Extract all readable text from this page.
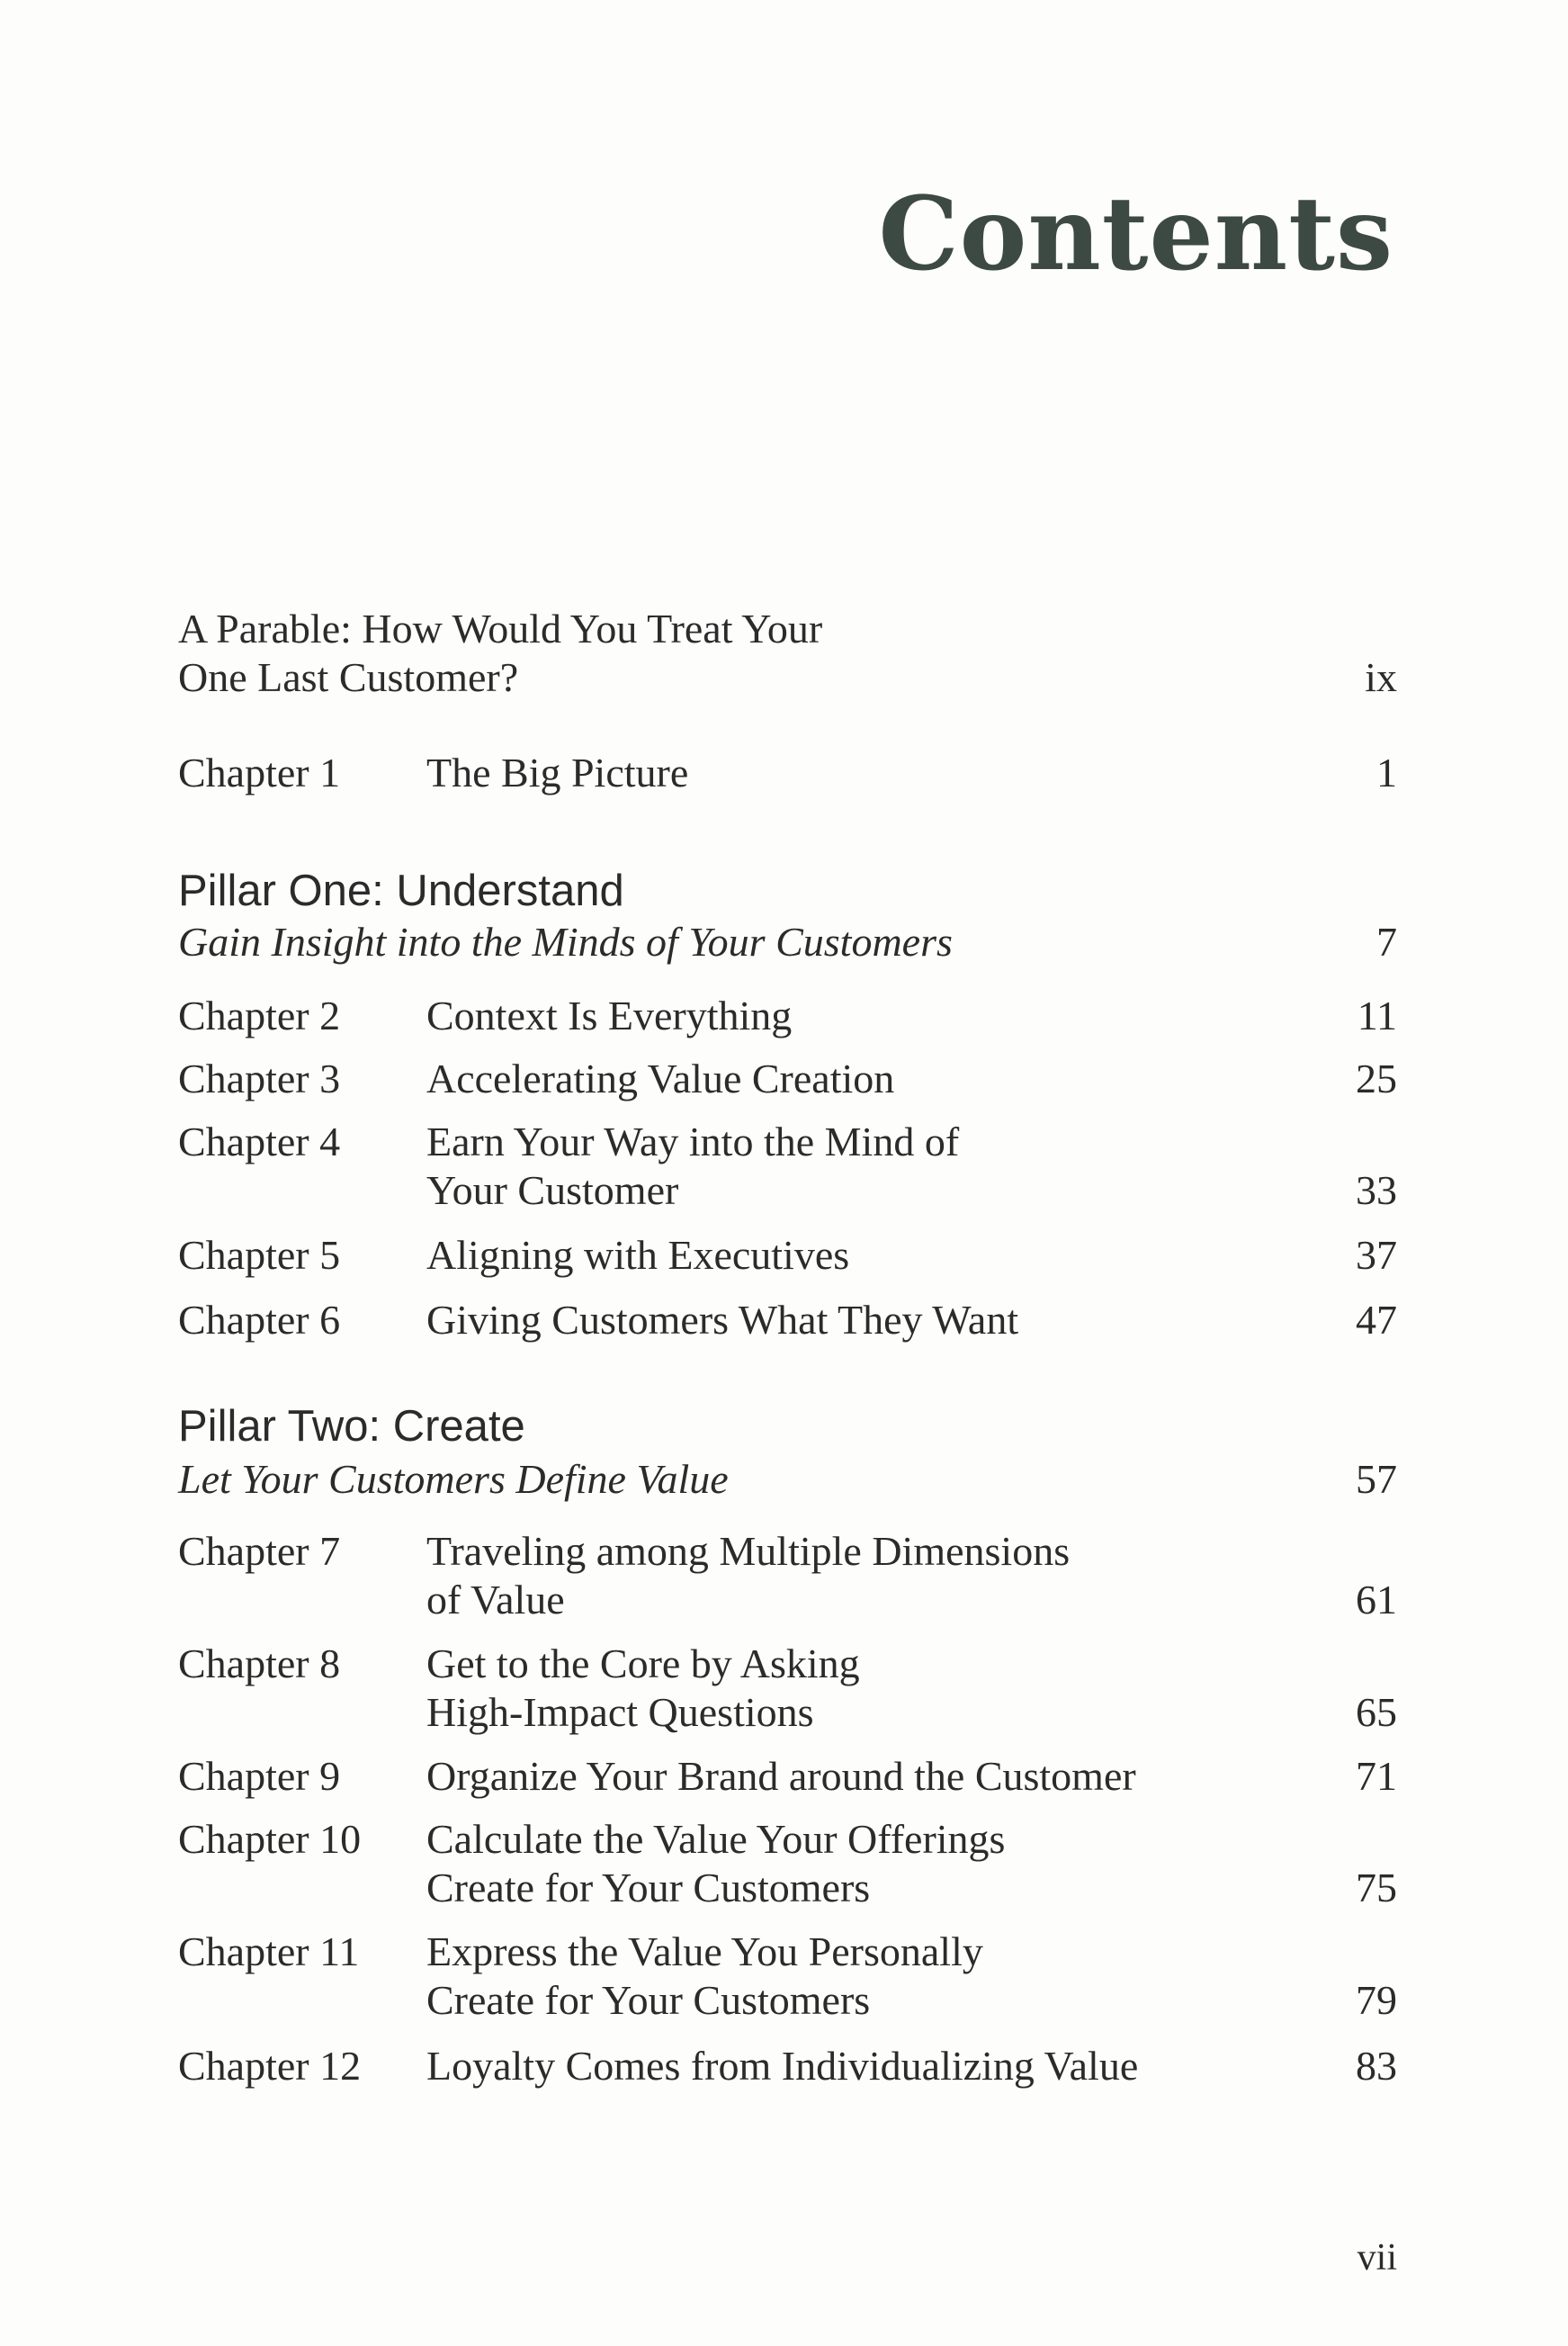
Contents
A Parable: How Would You Treat Your
One Last Customer?	ix
Chapter 1 The Big Picture	1
Pillar One: Understand
Gain Insight into the Minds of Your Customers	7
Chapter 2 Context Is Everything	11
Chapter 3 Accelerating Value Creation	25
Chapter 4 Earn Your Way into the Mind of
Your Customer	33
Chapter 5 Aligning with Executives	37
Chapter 6 Giving Customers What They Want	47
Pillar Two: Create
Let Your Customers Define Value	57
Chapter 7 Traveling among Multiple Dimensions
of Value	61
Chapter 8 Get to the Core by Asking
High-Impact Questions	65
Chapter 9 Organize Your Brand around the Customer	71
Chapter 10 Calculate the Value Your Offerings
Create for Your Customers	75
Chapter 11 Express the Value You Personally
Create for Your Customers	79
Chapter 12 Loyalty Comes from Individualizing Value	83
vii
